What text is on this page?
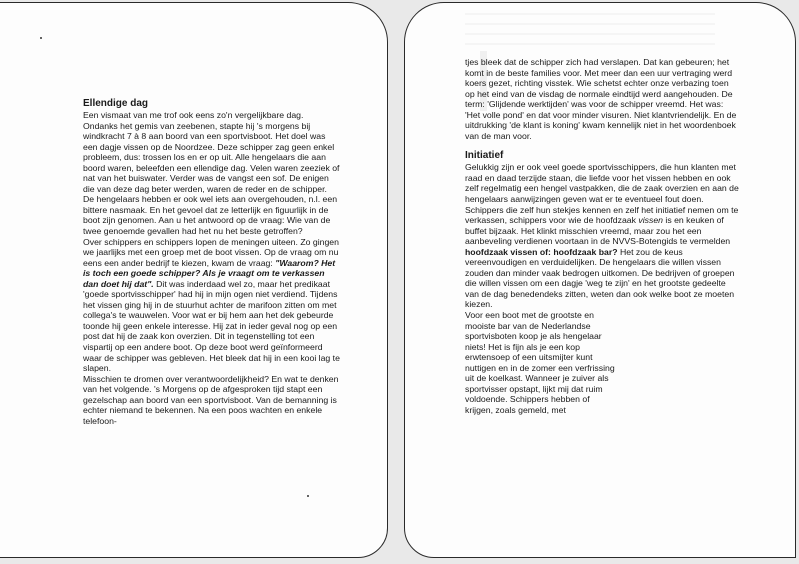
Ellendige dag

Een vismaat van me trof ook eens zo'n vergelijkbare dag. Ondanks het gemis van zeebenen, stapte hij 's morgens bij windkracht 7 à 8 aan boord van een sportvisboot. Het doel was een dagje vissen op de Noordzee. Deze schipper zag geen enkel probleem, dus: trossen los en er op uit. Alle hengelaars die aan boord waren, beleefden een ellendige dag. Velen waren zeeziek of nat van het buiswater. Verder was de vangst een sof. De enigen die van deze dag beter werden, waren de reder en de schipper. De hengelaars hebben er ook wel iets aan overgehouden, n.l. een bittere nasmaak. En het gevoel dat ze letterlijk en figuurlijk in de boot zijn genomen. Aan u het antwoord op de vraag: Wie van de twee genoemde gevallen had het nu het beste getroffen?

Over schippers en schippers lopen de meningen uiteen. Zo gingen we jaarlijks met een groep met de boot vissen. Op de vraag om nu eens een ander bedrijf te kiezen, kwam de vraag: "Waarom? Het is toch een goede schipper? Als je vraagt om te verkassen dan doet hij dat". Dit was inderdaad wel zo, maar het predikaat 'goede sportvisschipper' had hij in mijn ogen niet verdiend. Tijdens het vissen ging hij in de stuurhut achter de marifoon zitten om met collega's te wauwelen. Voor wat er bij hem aan het dek gebeurde toonde hij geen enkele interesse. Hij zat in ieder geval nog op een post dat hij de zaak kon overzien. Dit in tegenstelling tot een vispartij op een andere boot. Op deze boot werd geïnformeerd waar de schipper was gebleven. Het bleek dat hij in een kooi lag te slapen.

Misschien te dromen over verantwoordelijkheid? En wat te denken van het volgende. 's Morgens op de afgesproken tijd stapt een gezelschap aan boord van een sportvisboot. Van de bemanning is echter niemand te bekennen. Na een poos wachten en enkele telefoon-

tjes bleek dat de schipper zich had verslapen. Dat kan gebeuren; het komt in de beste families voor. Met meer dan een uur vertraging werd koers gezet, richting visstek. Wie schetst echter onze verbazing toen op het eind van de visdag de normale eindtijd werd aangehouden. De term: 'Glijdende werktijden' was voor de schipper vreemd. Het was: 'Het volle pond' en dat voor minder visuren. Niet klantvriendelijk. En de uitdrukking 'de klant is koning' kwam kennelijk niet in het woordenboek van de man voor.

Initiatief

Gelukkig zijn er ook veel goede sportvisschippers, die hun klanten met raad en daad terzijde staan, die liefde voor het vissen hebben en ook zelf regelmatig een hengel vastpakken, die de zaak overzien en aan de hengelaars aanwijzingen geven wat er te eventueel fout doen. Schippers die zelf hun stekjes kennen en zelf het initiatief nemen om te verkassen, schippers voor wie de hoofdzaak vissen is en keuken of buffet bijzaak. Het klinkt misschien vreemd, maar zou het een aanbeveling verdienen voortaan in de NVVS-Botengids te vermelden hoofdzaak vissen of: hoofdzaak bar? Het zou de keus vereenvoudigen en verduidelijken. De hengelaars die willen vissen zouden dan minder vaak bedrogen uitkomen. De bedrijven of groepen die willen vissen om een dagje 'weg te zijn' en het grootste gedeelte van de dag benedendeks zitten, weten dan ook welke boot ze moeten kiezen.

Voor een boot met de grootste en mooiste bar van de Nederlandse sportvisboten koop je als hengelaar niets! Het is fijn als je een kop erwtensoep of een uitsmijter kunt nuttigen en in de zomer een verfrissing uit de koelkast. Wanneer je zuiver als sportvisser opstapt, lijkt mij dat ruim voldoende. Schippers hebben of krijgen, zoals gemeld, met
